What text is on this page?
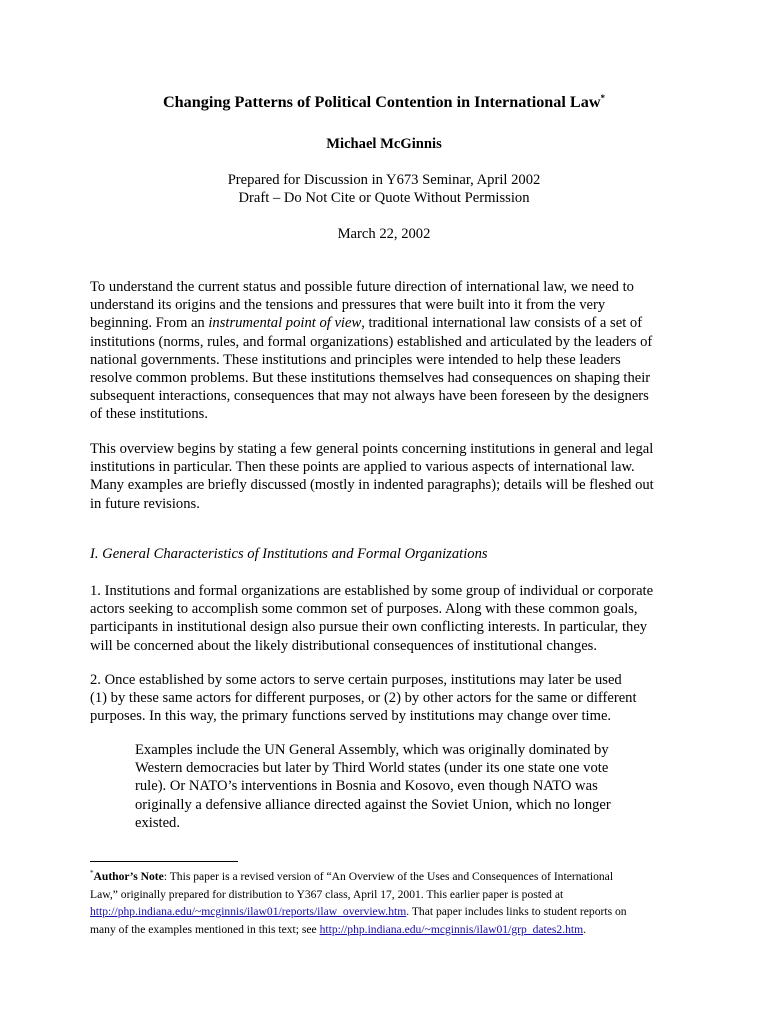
Changing Patterns of Political Contention in International Law*
Michael McGinnis
Prepared for Discussion in Y673 Seminar, April 2002
Draft – Do Not Cite or Quote Without Permission
March 22, 2002
To understand the current status and possible future direction of international law, we need to
understand its origins and the tensions and pressures that were built into it from the very
beginning. From an instrumental point of view, traditional international law consists of a set of
institutions (norms, rules, and formal organizations) established and articulated by the leaders of
national governments. These institutions and principles were intended to help these leaders
resolve common problems. But these institutions themselves had consequences on shaping their
subsequent interactions, consequences that may not always have been foreseen by the designers
of these institutions.
This overview begins by stating a few general points concerning institutions in general and legal
institutions in particular. Then these points are applied to various aspects of international law.
Many examples are briefly discussed (mostly in indented paragraphs); details will be fleshed out
in future revisions.
I. General Characteristics of Institutions and Formal Organizations
1. Institutions and formal organizations are established by some group of individual or corporate
actors seeking to accomplish some common set of purposes. Along with these common goals,
participants in institutional design also pursue their own conflicting interests. In particular, they
will be concerned about the likely distributional consequences of institutional changes.
2. Once established by some actors to serve certain purposes, institutions may later be used
(1) by these same actors for different purposes, or (2) by other actors for the same or different
purposes. In this way, the primary functions served by institutions may change over time.
Examples include the UN General Assembly, which was originally dominated by
Western democracies but later by Third World states (under its one state one vote
rule). Or NATO’s interventions in Bosnia and Kosovo, even though NATO was
originally a defensive alliance directed against the Soviet Union, which no longer
existed.
*Author’s Note: This paper is a revised version of “An Overview of the Uses and Consequences of International
Law,” originally prepared for distribution to Y367 class, April 17, 2001. This earlier paper is posted at
http://php.indiana.edu/~mcginnis/ilaw01/reports/ilaw_overview.htm. That paper includes links to student reports on
many of the examples mentioned in this text; see http://php.indiana.edu/~mcginnis/ilaw01/grp_dates2.htm.
